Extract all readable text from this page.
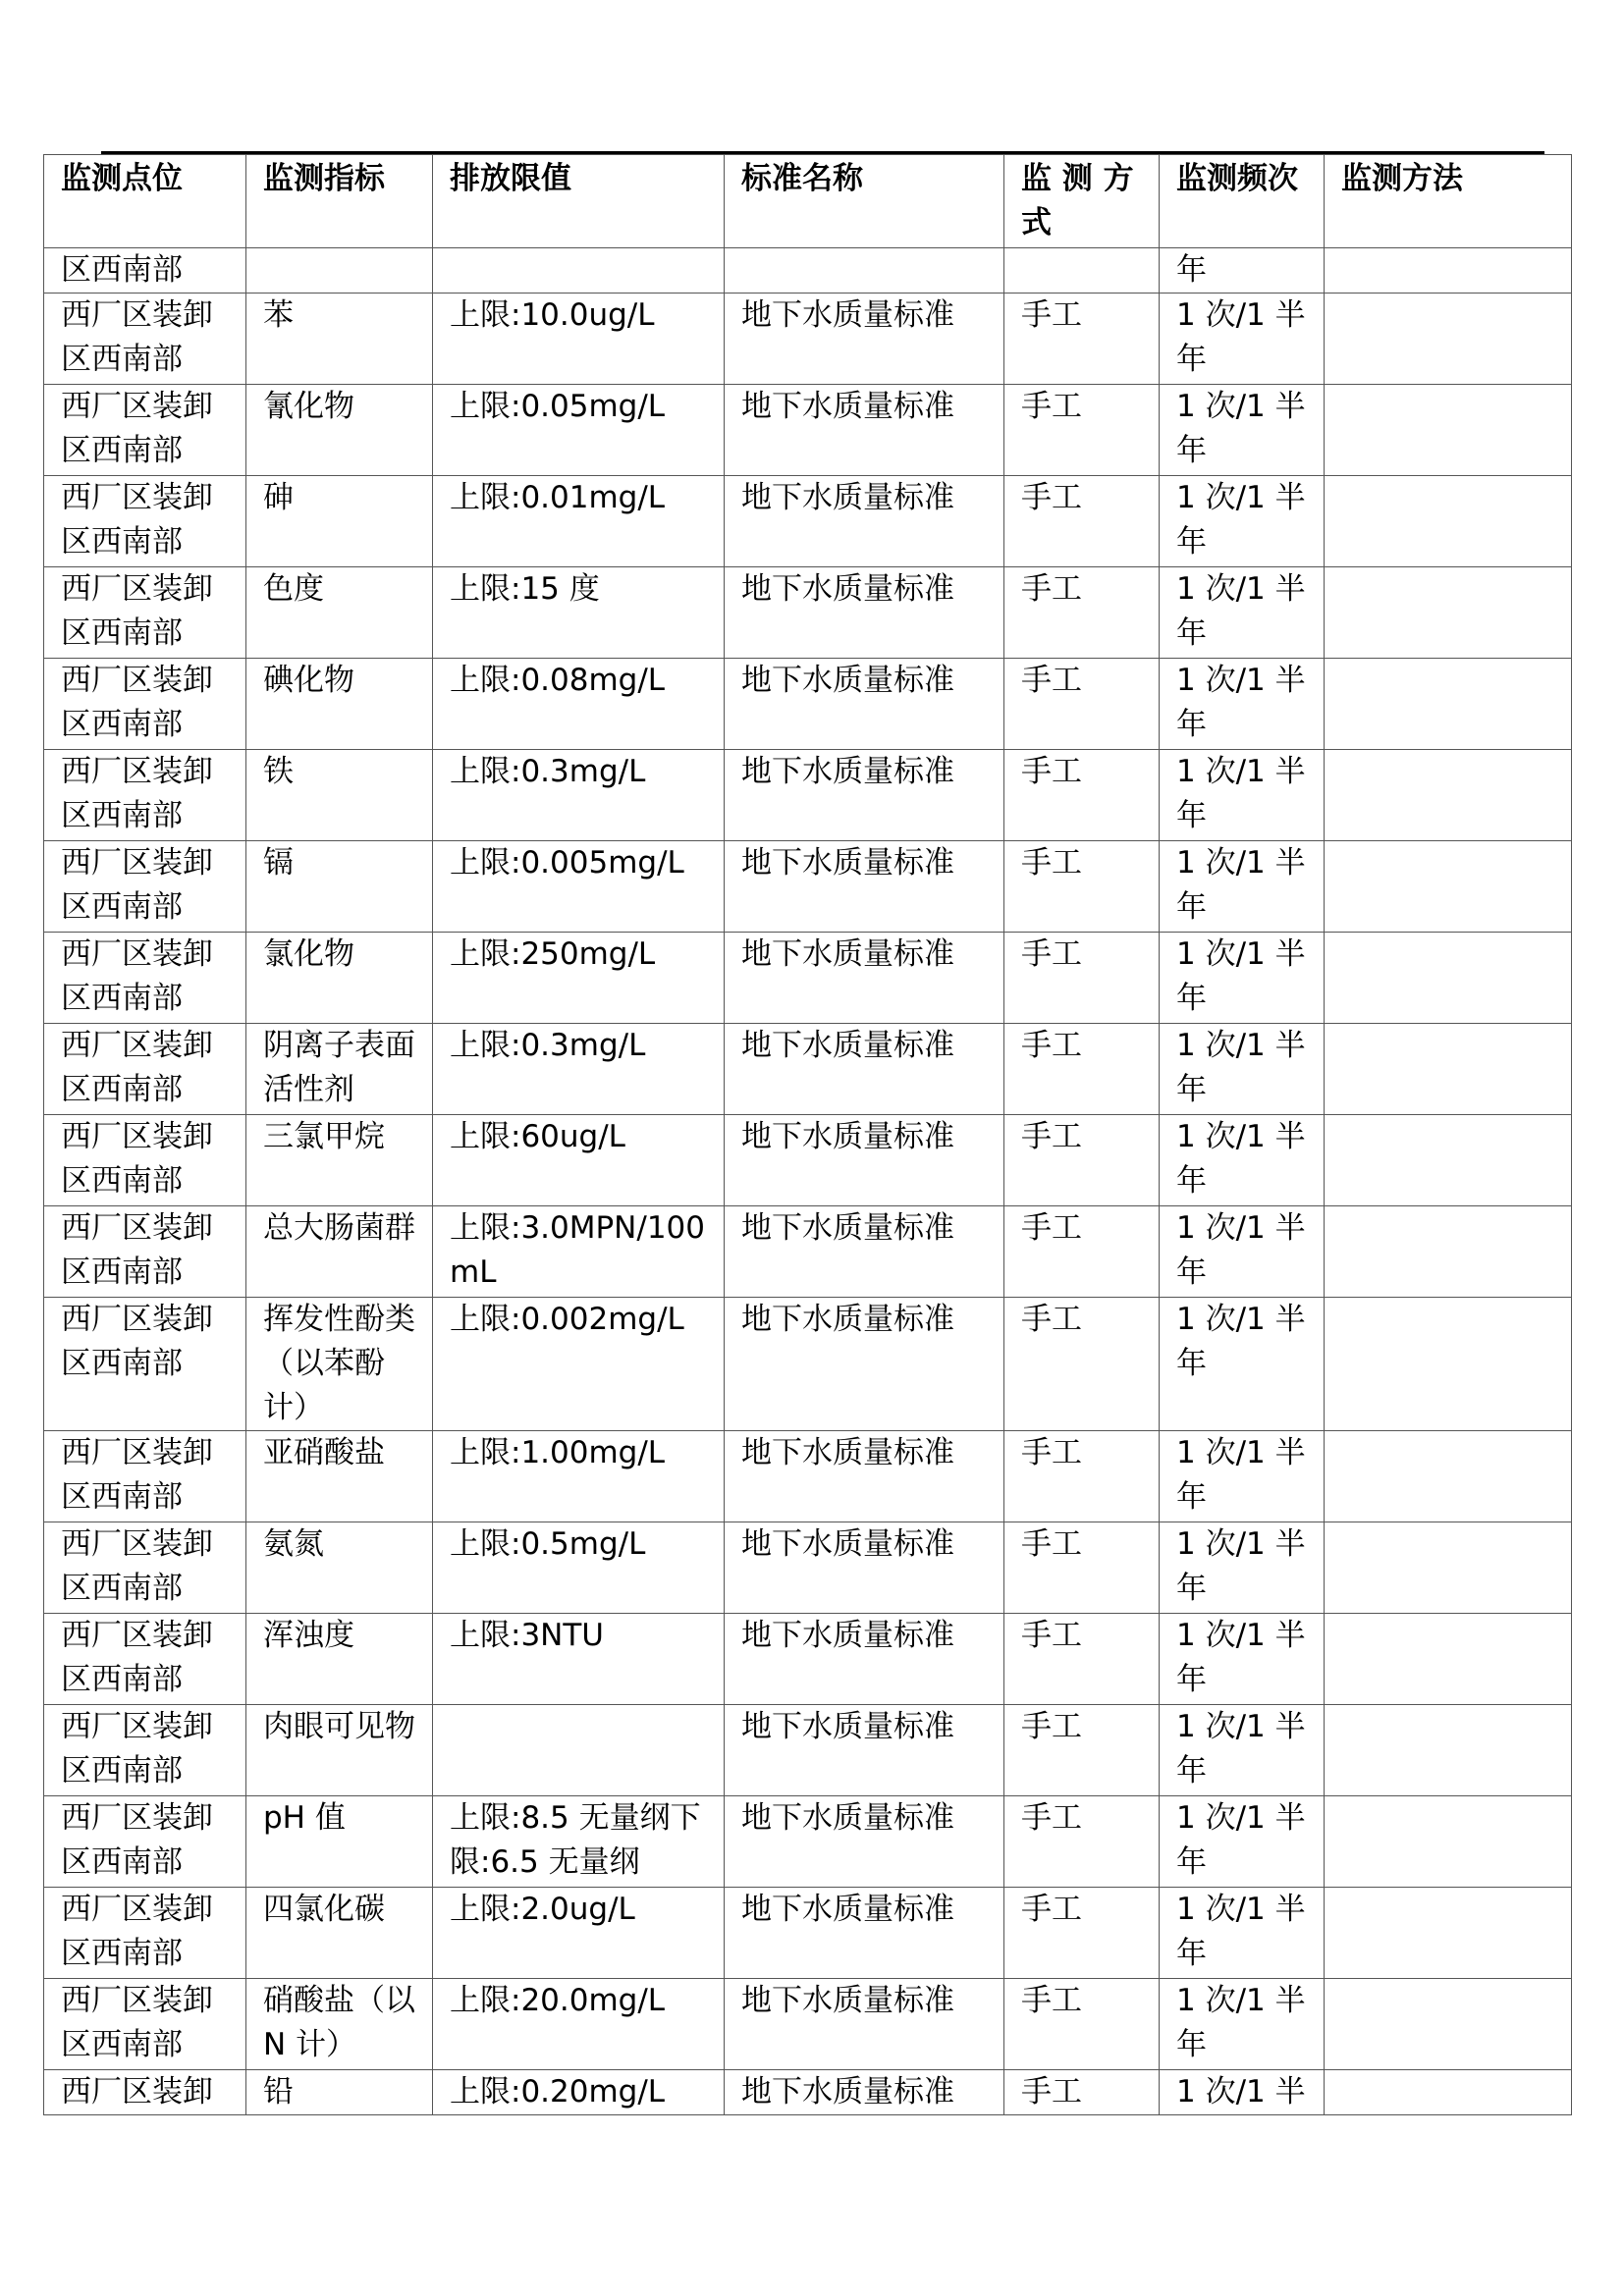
监测点位	监测指标	排放限值	标准名称	监 测 方 式	监测频次	监测方法
区西南部					年	
西厂区装卸区西南部	苯	上限:10.0ug/L	地下水质量标准	手工	1 次/1 半年	
西厂区装卸区西南部	氰化物	上限:0.05mg/L	地下水质量标准	手工	1 次/1 半年	
西厂区装卸区西南部	砷	上限:0.01mg/L	地下水质量标准	手工	1 次/1 半年	
西厂区装卸区西南部	色度	上限:15 度	地下水质量标准	手工	1 次/1 半年	
西厂区装卸区西南部	碘化物	上限:0.08mg/L	地下水质量标准	手工	1 次/1 半年	
西厂区装卸区西南部	铁	上限:0.3mg/L	地下水质量标准	手工	1 次/1 半年	
西厂区装卸区西南部	镉	上限:0.005mg/L	地下水质量标准	手工	1 次/1 半年	
西厂区装卸区西南部	氯化物	上限:250mg/L	地下水质量标准	手工	1 次/1 半年	
西厂区装卸区西南部	阴离子表面活性剂	上限:0.3mg/L	地下水质量标准	手工	1 次/1 半年	
西厂区装卸区西南部	三氯甲烷	上限:60ug/L	地下水质量标准	手工	1 次/1 半年	
西厂区装卸区西南部	总大肠菌群	上限:3.0MPN/100mL	地下水质量标准	手工	1 次/1 半年	
西厂区装卸区西南部	挥发性酚类（以苯酚计）	上限:0.002mg/L	地下水质量标准	手工	1 次/1 半年	
西厂区装卸区西南部	亚硝酸盐	上限:1.00mg/L	地下水质量标准	手工	1 次/1 半年	
西厂区装卸区西南部	氨氮	上限:0.5mg/L	地下水质量标准	手工	1 次/1 半年	
西厂区装卸区西南部	浑浊度	上限:3NTU	地下水质量标准	手工	1 次/1 半年	
西厂区装卸区西南部	肉眼可见物		地下水质量标准	手工	1 次/1 半年	
西厂区装卸区西南部	pH 值	上限:8.5 无量纲下限:6.5 无量纲	地下水质量标准	手工	1 次/1 半年	
西厂区装卸区西南部	四氯化碳	上限:2.0ug/L	地下水质量标准	手工	1 次/1 半年	
西厂区装卸区西南部	硝酸盐（以 N 计）	上限:20.0mg/L	地下水质量标准	手工	1 次/1 半年	
西厂区装卸	铅	上限:0.20mg/L	地下水质量标准	手工	1 次/1 半	
